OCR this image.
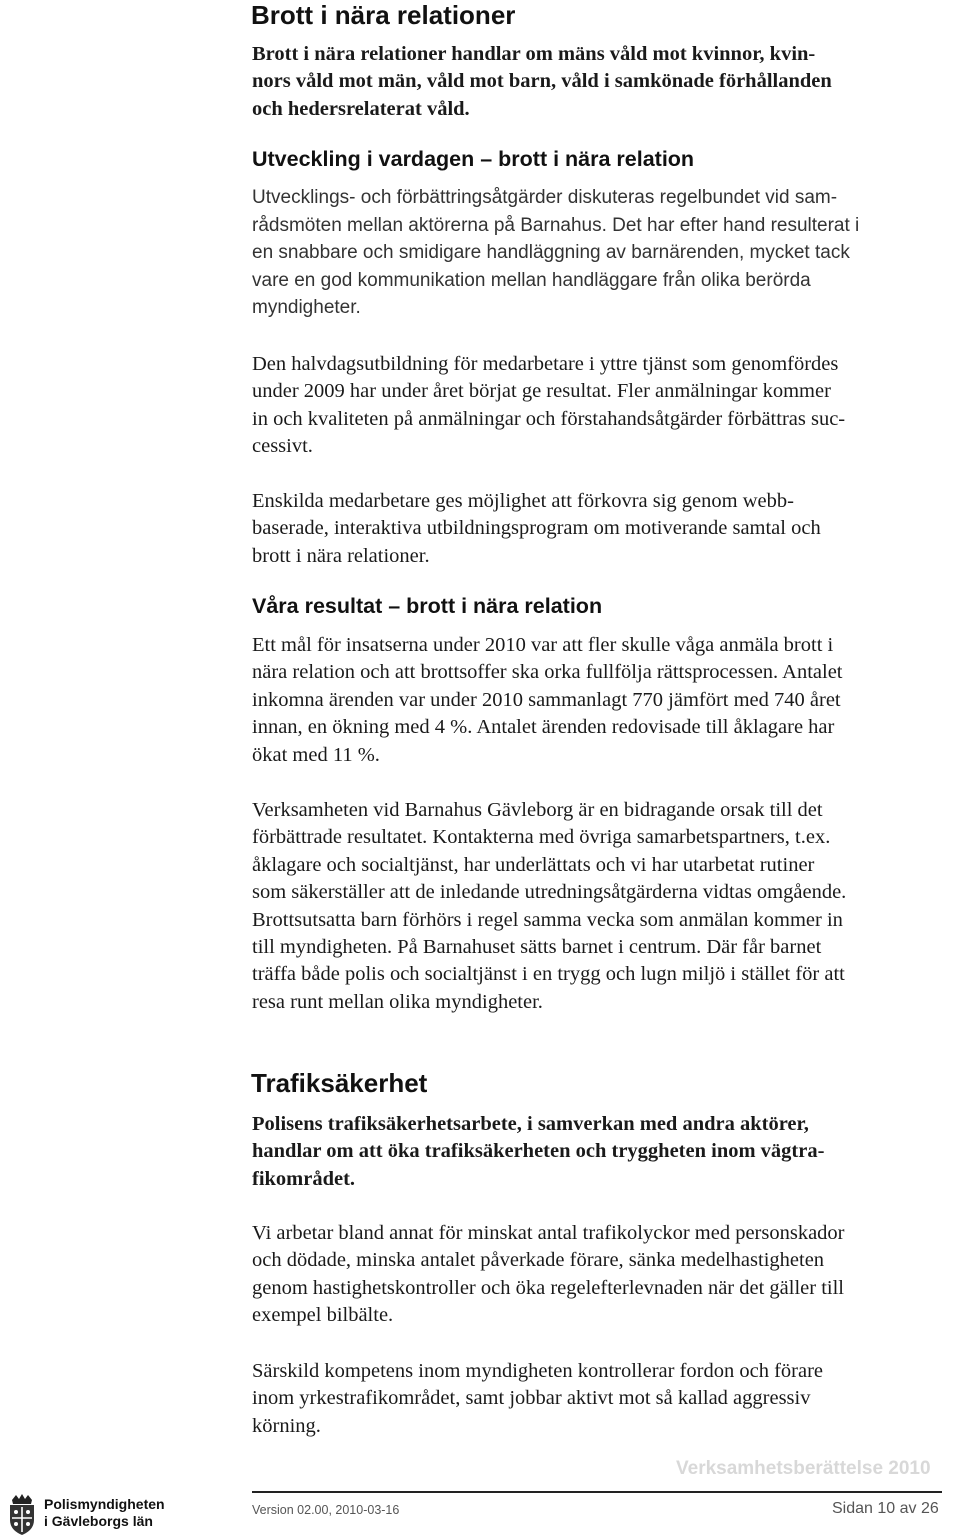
Brott i nära relationer
Brott i nära relationer handlar om mäns våld mot kvinnor, kvin-
nors våld mot män, våld mot barn, våld i samkönade förhållanden
och hedersrelaterat våld.
Utveckling i vardagen – brott i nära relation
Utvecklings- och förbättringsåtgärder diskuteras regelbundet vid sam-
rådsmöten mellan aktörerna på Barnahus. Det har efter hand resulterat i
en snabbare och smidigare handläggning av barnärenden, mycket tack
vare en god kommunikation mellan handläggare från olika berörda
myndigheter.
Den halvdagsutbildning för medarbetare i yttre tjänst som genomfördes
under 2009 har under året börjat ge resultat. Fler anmälningar kommer
in och kvaliteten på anmälningar och förstahandsåtgärder förbättras suc-
cessivt.
Enskilda medarbetare ges möjlighet att förkovra sig genom webb-
baserade, interaktiva utbildningsprogram om motiverande samtal och
brott i nära relationer.
Våra resultat – brott i nära relation
Ett mål för insatserna under 2010 var att fler skulle våga anmäla brott i
nära relation och att brottsoffer ska orka fullfölja rättsprocessen. Antalet
inkomna ärenden var under 2010 sammanlagt 770 jämfört med 740 året
innan, en ökning med 4 %. Antalet ärenden redovisade till åklagare har
ökat med 11 %.
Verksamheten vid Barnahus Gävleborg är en bidragande orsak till det
förbättrade resultatet. Kontakterna med övriga samarbetspartners, t.ex.
åklagare och socialtjänst, har underlättats och vi har utarbetat rutiner
som säkerställer att de inledande utredningsåtgärderna vidtas omgående.
Brottsutsatta barn förhörs i regel samma vecka som anmälan kommer in
till myndigheten. På Barnahuset sätts barnet i centrum. Där får barnet
träffa både polis och socialtjänst i en trygg och lugn miljö i stället för att
resa runt mellan olika myndigheter.
Trafiksäkerhet
Polisens trafiksäkerhetsarbete, i samverkan med andra aktörer,
handlar om att öka trafiksäkerheten och tryggheten inom vägtra-
fikområdet.
Vi arbetar bland annat för minskat antal trafikolyckor med personskador
och dödade, minska antalet påverkade förare, sänka medelhastigheten
genom hastighetskontroller och öka regelefterlevnaden när det gäller till
exempel bilbälte.
Särskild kompetens inom myndigheten kontrollerar fordon och förare
inom yrkestrafikområdet, samt jobbar aktivt mot så kallad aggressiv
körning.
Verksamhetsberättelse 2010
Version 02.00, 2010-03-16	Sidan 10 av 26
Polismyndigheten
i Gävleborgs län
